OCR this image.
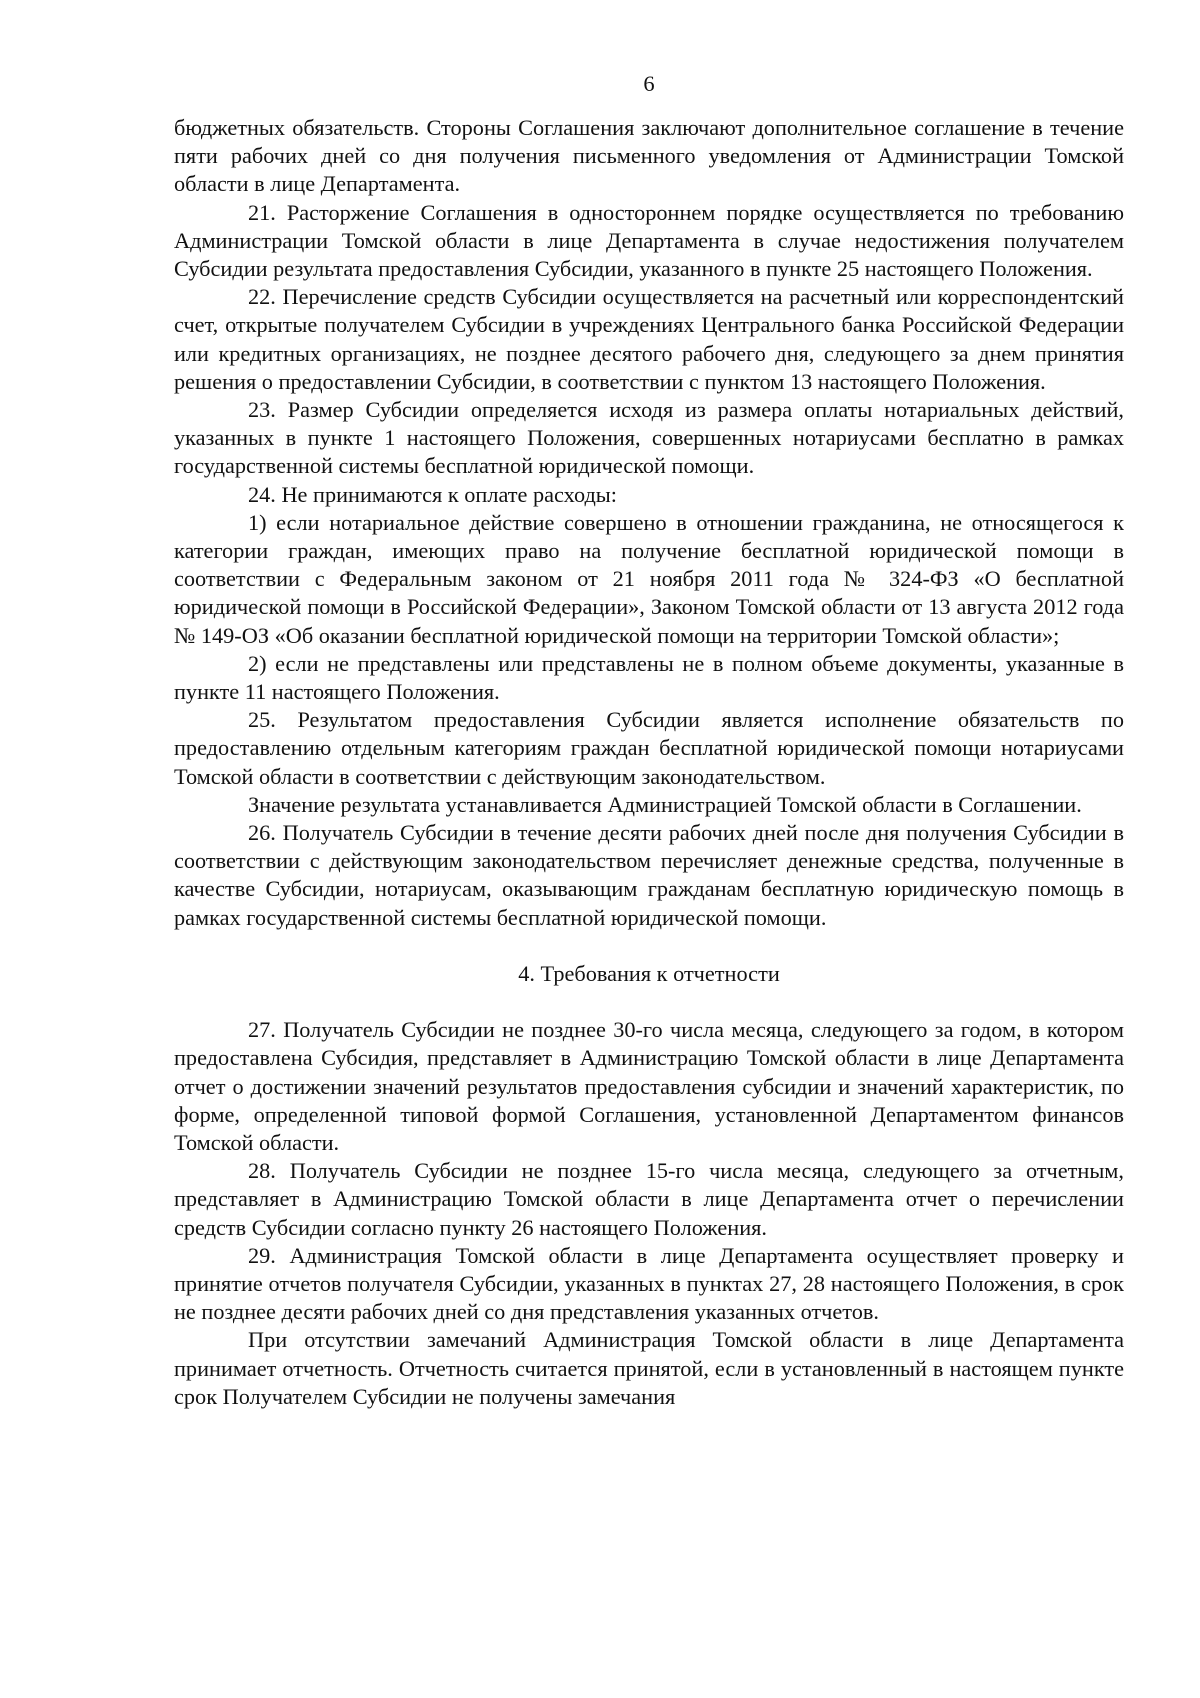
6

бюджетных обязательств. Стороны Соглашения заключают дополнительное соглашение в течение пяти рабочих дней со дня получения письменного уведомления от Администрации Томской области в лице Департамента.

21. Расторжение Соглашения в одностороннем порядке осуществляется по требованию Администрации Томской области в лице Департамента в случае недостижения получателем Субсидии результата предоставления Субсидии, указанного в пункте 25 настоящего Положения.

22. Перечисление средств Субсидии осуществляется на расчетный или корреспондентский счет, открытые получателем Субсидии в учреждениях Центрального банка Российской Федерации или кредитных организациях, не позднее десятого рабочего дня, следующего за днем принятия решения о предоставлении Субсидии, в соответствии с пунктом 13 настоящего Положения.

23. Размер Субсидии определяется исходя из размера оплаты нотариальных действий, указанных в пункте 1 настоящего Положения, совершенных нотариусами бесплатно в рамках государственной системы бесплатной юридической помощи.

24. Не принимаются к оплате расходы:

1) если нотариальное действие совершено в отношении гражданина, не относящегося к категории граждан, имеющих право на получение бесплатной юридической помощи в соответствии с Федеральным законом от 21 ноября 2011 года № 324-ФЗ «О бесплатной юридической помощи в Российской Федерации», Законом Томской области от 13 августа 2012 года № 149-ОЗ «Об оказании бесплатной юридической помощи на территории Томской области»;

2) если не представлены или представлены не в полном объеме документы, указанные в пункте 11 настоящего Положения.

25. Результатом предоставления Субсидии является исполнение обязательств по предоставлению отдельным категориям граждан бесплатной юридической помощи нотариусами Томской области в соответствии с действующим законодательством.

Значение результата устанавливается Администрацией Томской области в Соглашении.

26. Получатель Субсидии в течение десяти рабочих дней после дня получения Субсидии в соответствии с действующим законодательством перечисляет денежные средства, полученные в качестве Субсидии, нотариусам, оказывающим гражданам бесплатную юридическую помощь в рамках государственной системы бесплатной юридической помощи.

4. Требования к отчетности

27. Получатель Субсидии не позднее 30-го числа месяца, следующего за годом, в котором предоставлена Субсидия, представляет в Администрацию Томской области в лице Департамента отчет о достижении значений результатов предоставления субсидии и значений характеристик, по форме, определенной типовой формой Соглашения, установленной Департаментом финансов Томской области.

28. Получатель Субсидии не позднее 15-го числа месяца, следующего за отчетным, представляет в Администрацию Томской области в лице Департамента отчет о перечислении средств Субсидии согласно пункту 26 настоящего Положения.

29. Администрация Томской области в лице Департамента осуществляет проверку и принятие отчетов получателя Субсидии, указанных в пунктах 27, 28 настоящего Положения, в срок не позднее десяти рабочих дней со дня представления указанных отчетов.

При отсутствии замечаний Администрация Томской области в лице Департамента принимает отчетность. Отчетность считается принятой, если в установленный в настоящем пункте срок Получателем Субсидии не получены замечания
